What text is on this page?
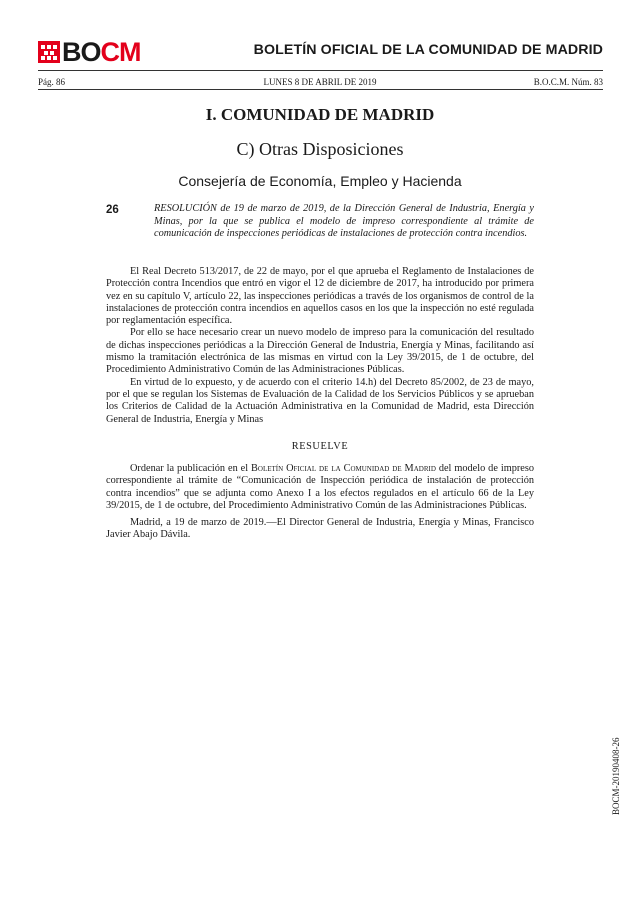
BOCM	BOLETÍN OFICIAL DE LA COMUNIDAD DE MADRID
Pág. 86	LUNES 8 DE ABRIL DE 2019	B.O.C.M. Núm. 83
I. COMUNIDAD DE MADRID
C) Otras Disposiciones
Consejería de Economía, Empleo y Hacienda
26	RESOLUCIÓN de 19 de marzo de 2019, de la Dirección General de Industria, Energía y Minas, por la que se publica el modelo de impreso correspondiente al trámite de comunicación de inspecciones periódicas de instalaciones de protección contra incendios.

El Real Decreto 513/2017, de 22 de mayo, por el que aprueba el Reglamento de Instalaciones de Protección contra Incendios que entró en vigor el 12 de diciembre de 2017, ha introducido por primera vez en su capítulo V, artículo 22, las inspecciones periódicas a través de los organismos de control de la instalaciones de protección contra incendios en aquellos casos en los que la inspección no esté regulada por reglamentación específica.

Por ello se hace necesario crear un nuevo modelo de impreso para la comunicación del resultado de dichas inspecciones periódicas a la Dirección General de Industria, Energía y Minas, facilitando así mismo la tramitación electrónica de las mismas en virtud con la Ley 39/2015, de 1 de octubre, del Procedimiento Administrativo Común de las Administraciones Públicas.

En virtud de lo expuesto, y de acuerdo con el criterio 14.h) del Decreto 85/2002, de 23 de mayo, por el que se regulan los Sistemas de Evaluación de la Calidad de los Servicios Públicos y se aprueban los Criterios de Calidad de la Actuación Administrativa en la Comunidad de Madrid, esta Dirección General de Industria, Energía y Minas

RESUELVE

Ordenar la publicación en el Boletín Oficial de la Comunidad de Madrid del modelo de impreso correspondiente al trámite de “Comunicación de Inspección periódica de instalación de protección contra incendios” que se adjunta como Anexo I a los efectos regulados en el artículo 66 de la Ley 39/2015, de 1 de octubre, del Procedimiento Administrativo Común de las Administraciones Públicas.

Madrid, a 19 de marzo de 2019.—El Director General de Industria, Energía y Minas, Francisco Javier Abajo Dávila.

BOCM-20190408-26
